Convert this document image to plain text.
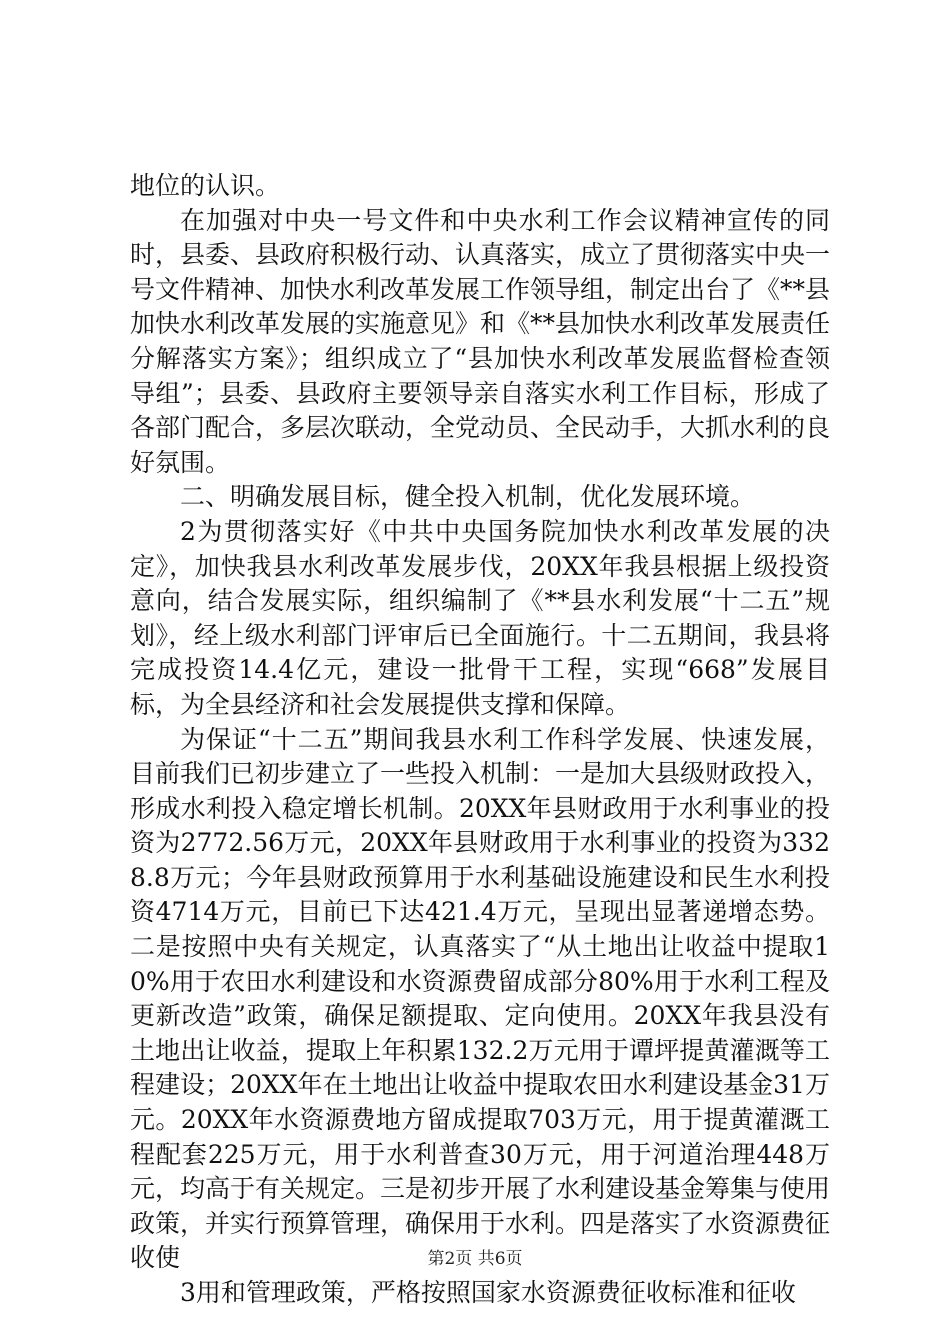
地位的认识。

在加强对中央一号文件和中央水利工作会议精神宣传的同时，县委、县政府积极行动、认真落实，成立了贯彻落实中央一号文件精神、加快水利改革发展工作领导组，制定出台了《**县加快水利改革发展的实施意见》和《**县加快水利改革发展责任分解落实方案》；组织成立了“县加快水利改革发展监督检查领导组”；县委、县政府主要领导亲自落实水利工作目标，形成了各部门配合，多层次联动，全党动员、全民动手，大抓水利的良好氛围。

二、明确发展目标，健全投入机制，优化发展环境。

2为贯彻落实好《中共中央国务院加快水利改革发展的决定》，加快我县水利改革发展步伐，20XX年我县根据上级投资意向，结合发展实际，组织编制了《**县水利发展“十二五”规划》，经上级水利部门评审后已全面施行。十二五期间，我县将完成投资14.4亿元，建设一批骨干工程，实现“668”发展目标，为全县经济和社会发展提供支撑和保障。

为保证“十二五”期间我县水利工作科学发展、快速发展，目前我们已初步建立了一些投入机制：一是加大县级财政投入，形成水利投入稳定增长机制。20XX年县财政用于水利事业的投资为2772.56万元，20XX年县财政用于水利事业的投资为3328.8万元；今年县财政预算用于水利基础设施建设和民生水利投资4714万元，目前已下达421.4万元，呈现出显著递增态势。二是按照中央有关规定，认真落实了“从土地出让收益中提取10%用于农田水利建设和水资源费留成部分80%用于水利工程及更新改造”政策，确保足额提取、定向使用。20XX年我县没有土地出让收益，提取上年积累132.2万元用于谭坪提黄灌溉等工程建设；20XX年在土地出让收益中提取农田水利建设基金31万元。20XX年水资源费地方留成提取703万元，用于提黄灌溉工程配套225万元，用于水利普查30万元，用于河道治理448万元，均高于有关规定。三是初步开展了水利建设基金筹集与使用政策，并实行预算管理，确保用于水利。四是落实了水资源费征收使

3用和管理政策，严格按照国家水资源费征收标准和征收

第2页 共6页
